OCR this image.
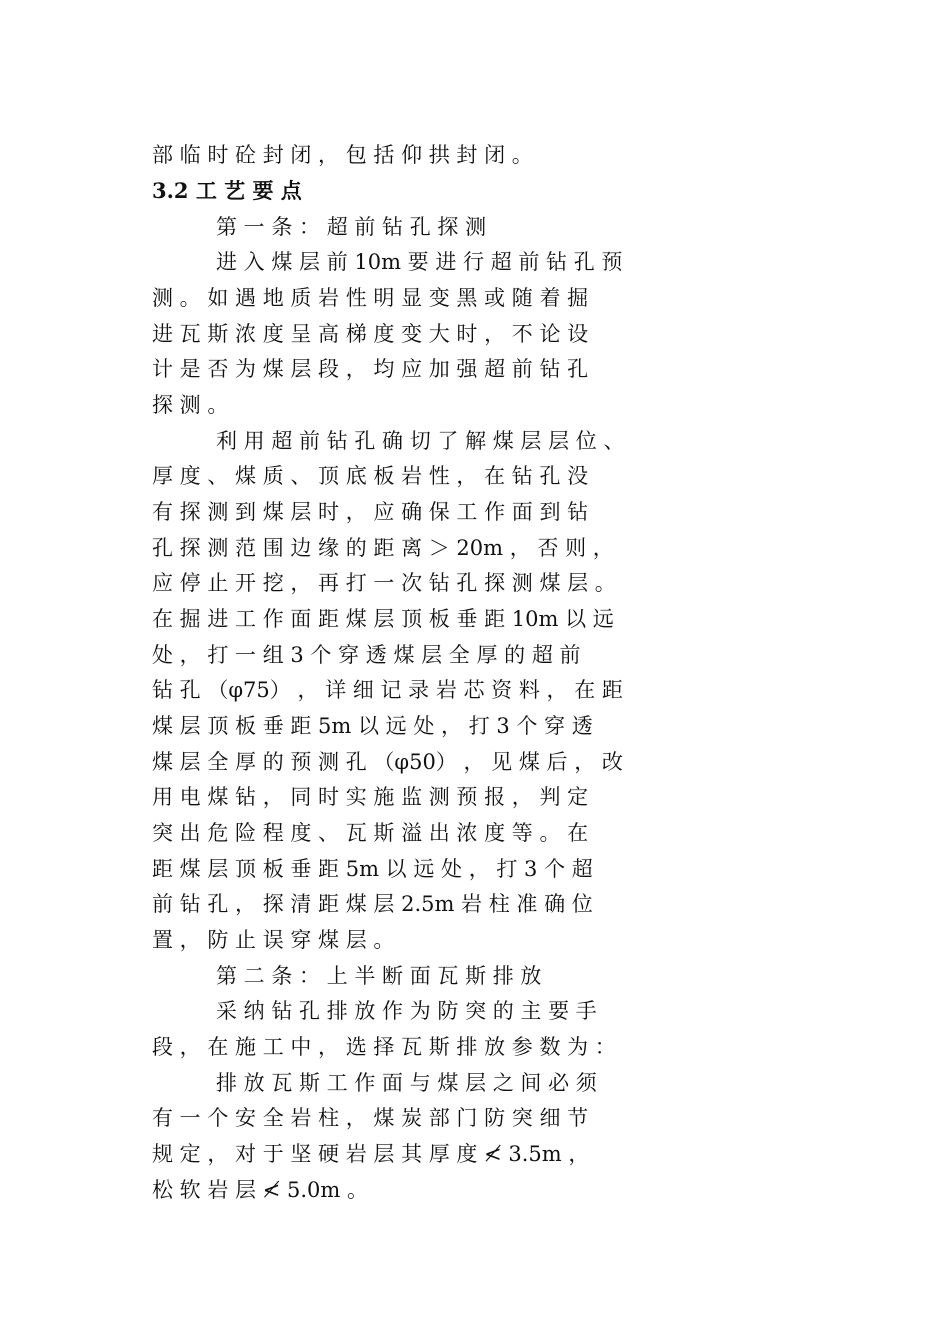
部 临 时 砼 封 闭 ， 包 括 仰 拱 封 闭 。
3.2 工 艺 要 点
第 一 条 ： 超 前 钻 孔 探 测
进 入 煤 层 前 10m 要 进 行 超 前 钻 孔 预
测 。 如 遇 地 质 岩 性 明 显 变 黑 或 随 着 掘
进 瓦 斯 浓 度 呈 高 梯 度 变 大 时 ， 不 论 设
计 是 否 为 煤 层 段 ， 均 应 加 强 超 前 钻 孔
探 测 。
利 用 超 前 钻 孔 确 切 了 解 煤 层 层 位 、
厚 度 、 煤 质 、 顶 底 板 岩 性 ， 在 钻 孔 没
有 探 测 到 煤 层 时 ， 应 确 保 工 作 面 到 钻
孔 探 测 范 围 边 缘 的 距 离 ＞ 20m ， 否 则 ，
应 停 止 开 挖 ， 再 打 一 次 钻 孔 探 测 煤 层 。
在 掘 进 工 作 面 距 煤 层 顶 板 垂 距 10m 以 远
处 ， 打 一 组 3 个 穿 透 煤 层 全 厚 的 超 前
钻 孔 （φ75） ， 详 细 记 录 岩 芯 资 料 ， 在 距
煤 层 顶 板 垂 距 5m 以 远 处 ， 打 3 个 穿 透
煤 层 全 厚 的 预 测 孔 （φ50） ， 见 煤 后 ， 改
用 电 煤 钻 ， 同 时 实 施 监 测 预 报 ， 判 定
突 出 危 险 程 度 、 瓦 斯 溢 出 浓 度 等 。 在
距 煤 层 顶 板 垂 距 5m 以 远 处 ， 打 3 个 超
前 钻 孔 ， 探 清 距 煤 层 2.5m 岩 柱 准 确 位
置 ， 防 止 误 穿 煤 层 。
第 二 条 ： 上 半 断 面 瓦 斯 排 放
采 纳 钻 孔 排 放 作 为 防 突 的 主 要 手
段 ， 在 施 工 中 ， 选 择 瓦 斯 排 放 参 数 为 ：
排 放 瓦 斯 工 作 面 与 煤 层 之 间 必 须
有 一 个 安 全 岩 柱 ， 煤 炭 部 门 防 突 细 节
规 定 ， 对 于 坚 硬 岩 层 其 厚 度 ≮ 3.5m ，
松 软 岩 层 ≮ 5.0m 。
